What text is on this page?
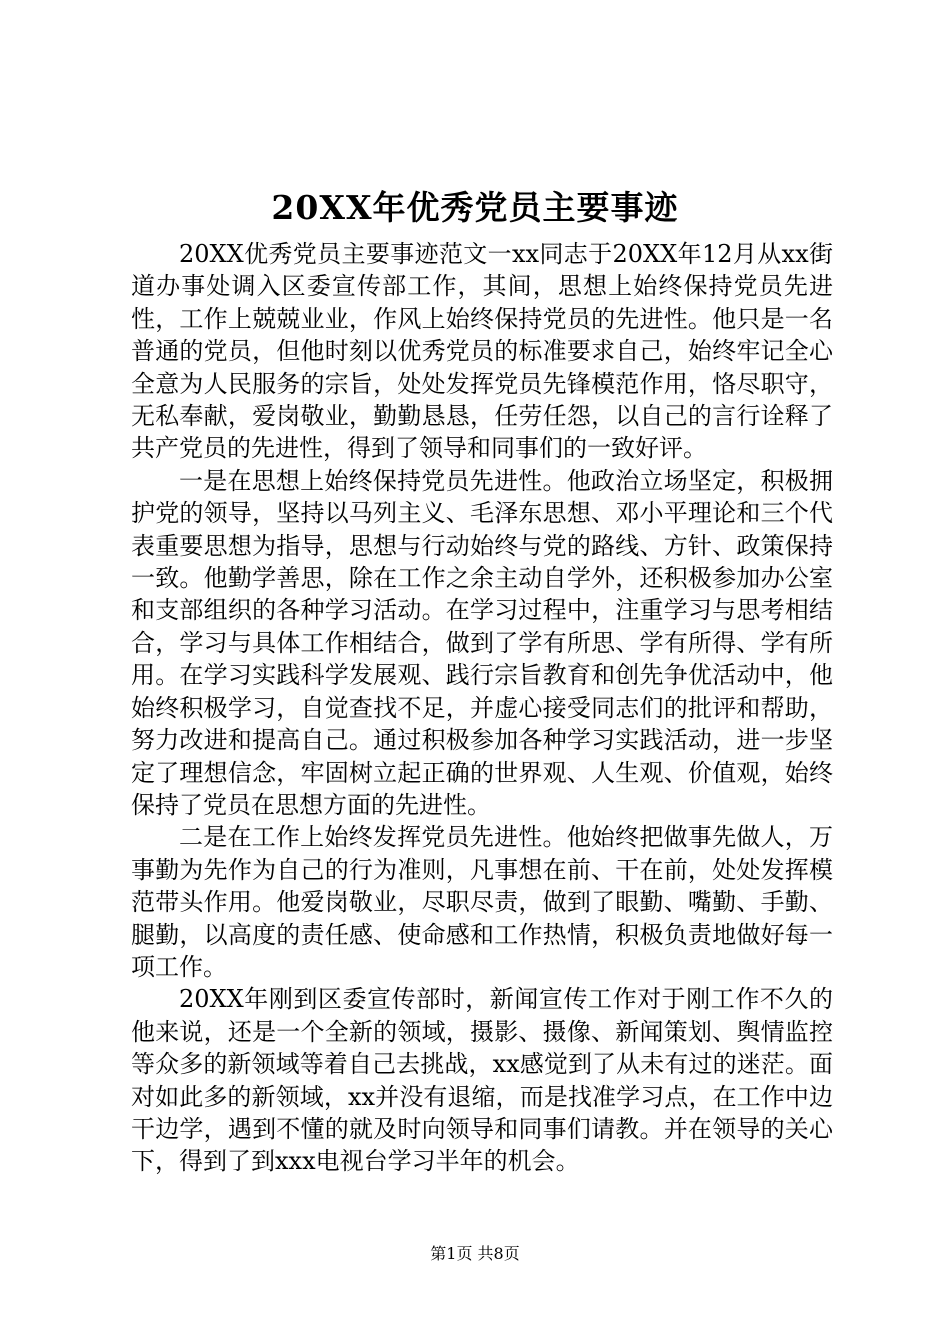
20XX年优秀党员主要事迹

20XX优秀党员主要事迹范文一xx同志于20XX年12月从xx街道办事处调入区委宣传部工作，其间，思想上始终保持党员先进性，工作上兢兢业业，作风上始终保持党员的先进性。他只是一名普通的党员，但他时刻以优秀党员的标准要求自己，始终牢记全心全意为人民服务的宗旨，处处发挥党员先锋模范作用，恪尽职守，无私奉献，爱岗敬业，勤勤恳恳，任劳任怨，以自己的言行诠释了共产党员的先进性，得到了领导和同事们的一致好评。

一是在思想上始终保持党员先进性。他政治立场坚定，积极拥护党的领导，坚持以马列主义、毛泽东思想、邓小平理论和三个代表重要思想为指导，思想与行动始终与党的路线、方针、政策保持一致。他勤学善思，除在工作之余主动自学外，还积极参加办公室和支部组织的各种学习活动。在学习过程中，注重学习与思考相结合，学习与具体工作相结合，做到了学有所思、学有所得、学有所用。在学习实践科学发展观、践行宗旨教育和创先争优活动中，他始终积极学习，自觉查找不足，并虚心接受同志们的批评和帮助，努力改进和提高自己。通过积极参加各种学习实践活动，进一步坚定了理想信念，牢固树立起正确的世界观、人生观、价值观，始终保持了党员在思想方面的先进性。

二是在工作上始终发挥党员先进性。他始终把做事先做人，万事勤为先作为自己的行为准则，凡事想在前、干在前，处处发挥模范带头作用。他爱岗敬业，尽职尽责，做到了眼勤、嘴勤、手勤、腿勤，以高度的责任感、使命感和工作热情，积极负责地做好每一项工作。

20XX年刚到区委宣传部时，新闻宣传工作对于刚工作不久的他来说，还是一个全新的领域，摄影、摄像、新闻策划、舆情监控等众多的新领域等着自己去挑战，xx感觉到了从未有过的迷茫。面对如此多的新领域，xx并没有退缩，而是找准学习点，在工作中边干边学，遇到不懂的就及时向领导和同事们请教。并在领导的关心下，得到了到xxx电视台学习半年的机会。

第1页 共8页
